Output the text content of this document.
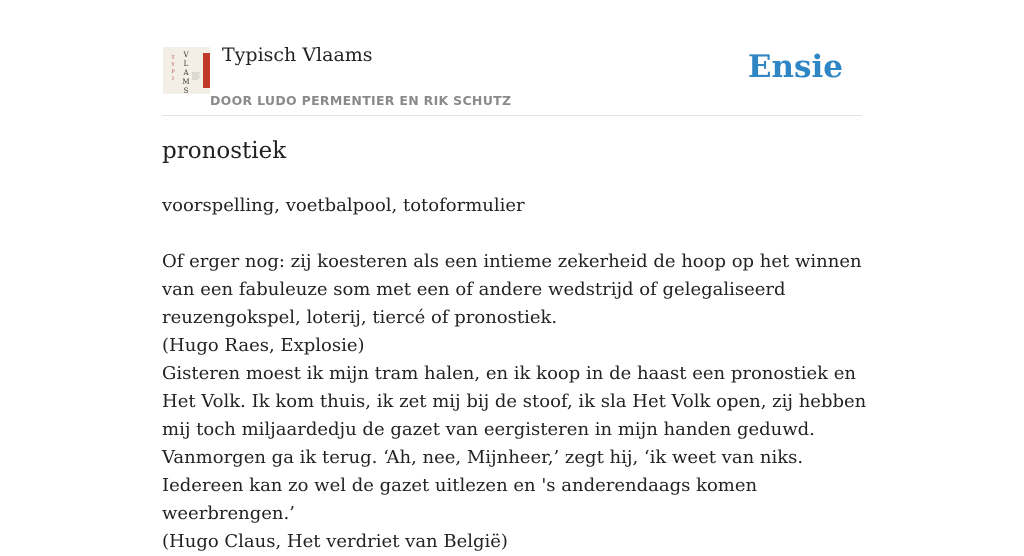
T
Y
P
I
V
L
A
M
S
Typisch Vlaams
DOOR LUDO PERMENTIER EN RIK SCHUTZ
Ensie
pronostiek

voorspelling, voetbalpool, totoformulier

Of erger nog: zij koesteren als een intieme zekerheid de hoop op het winnen van een fabuleuze som met een of andere wedstrijd of gelegaliseerd reuzengokspel, loterij, tiercé of pronostiek.

(Hugo Raes, Explosie)

Gisteren moest ik mijn tram halen, en ik koop in de haast een pronostiek en Het Volk. Ik kom thuis, ik zet mij bij de stoof, ik sla Het Volk open, zij hebben mij toch miljaardedju de gazet van eergisteren in mijn handen geduwd. Vanmorgen ga ik terug. ‘Ah, nee, Mijnheer,’ zegt hij, ‘ik weet van niks. Iedereen kan zo wel de gazet uitlezen en 's anderendaags komen weerbrengen.’

(Hugo Claus, Het verdriet van België)
